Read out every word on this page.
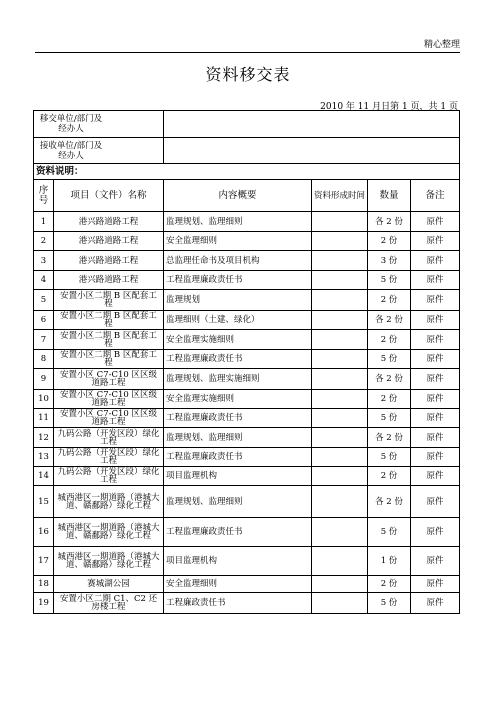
精心整理
资料移交表
2010 年 11 月日第 1 页，共 1 页
移交单位/部门及经办人					

接收单位/部门及经办人					

资料说明：					
序号	项目（文件）名称	内容概要	资料形成时间	数量	备注
1	港兴路道路工程	监理规划、监理细则		各 2 份	原件
2	港兴路道路工程	安全监理细则		2 份	原件
3	港兴路道路工程	总监理任命书及项目机构		3 份	原件
4	港兴路道路工程	工程监理廉政责任书		5 份	原件
5	安置小区二期 B 区配套工程	监理规划		2 份	原件
6	安置小区二期 B 区配套工程	监理细则（土建、绿化）		各 2 份	原件
7	安置小区二期 B 区配套工程	安全监理实施细则		2 份	原件
8	安置小区二期 B 区配套工程	工程监理廉政责任书		5 份	原件
9	安置小区 C7-C10 区区级道路工程	监理规划、监理实施细则		各 2 份	原件
10	安置小区 C7-C10 区区级道路工程	安全监理实施细则		2 份	原件
11	安置小区 C7-C10 区区级道路工程	工程监理廉政责任书		5 份	原件
12	九码公路（开发区段）绿化工程	监理规划、监理细则		各 2 份	原件
13	九码公路（开发区段）绿化工程	工程监理廉政责任书		5 份	原件
14	九码公路（开发区段）绿化工程	项目监理机构		2 份	原件
15	城西港区一期道路（港城大道、赣鄱路）绿化工程	监理规划、监理细则		各 2 份	原件
16	城西港区一期道路（港城大道、赣鄱路）绿化工程	工程监理廉政责任书		5 份	原件
17	城西港区一期道路（港城大道、赣鄱路）绿化工程	项目监理机构		1 份	原件
18	赛城湖公园	安全监理细则		2 份	原件
19	安置小区二期 C1、C2 还房楼工程	工程廉政责任书		5 份	原件
